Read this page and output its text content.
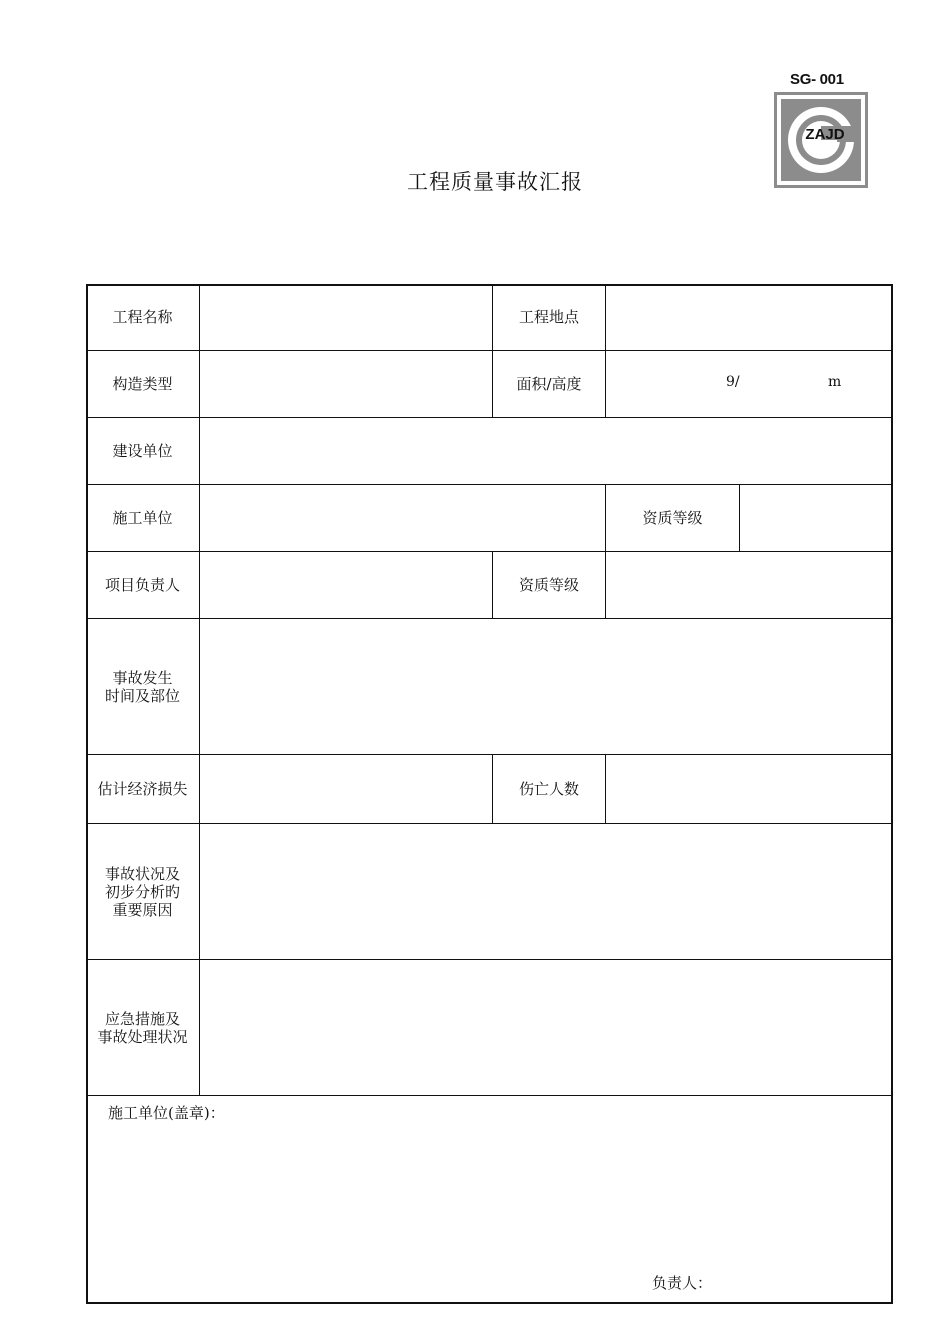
SG- 001
ZAJD
工程质量事故汇报
工程名称	工程地点
构造类型	面积/高度	9/	m
建设单位
施工单位	资质等级
项目负责人	资质等级
事故发生
时间及部位
估计经济损失	伤亡人数
事故状况及
初步分析旳
重要原因
应急措施及
事故处理状况
施工单位(盖章)：
负责人：
